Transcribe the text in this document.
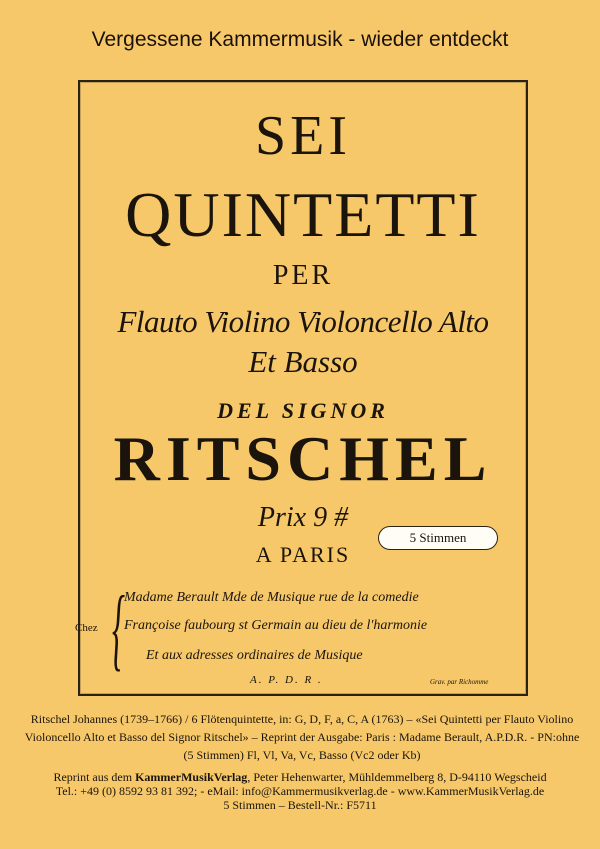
Vergessene Kammermusik - wieder entdeckt
SEI
QUINTETTI
PER
Flauto Violino Violoncello Alto
Et Basso
DEL SIGNOR
RITSCHEL
Prix 9 #
A PARIS
Chez { Madame Berault Mde de Musique rue de la comedie
Françoise faubourg st Germain au dieu de l'harmonie
Et aux adresses ordinaires de Musique
A. P. D. R .	Grav. par Richomme
5 Stimmen
Ritschel Johannes (1739–1766) / 6 Flötenquintette, in: G, D, F, a, C, A (1763) – «Sei Quintetti per Flauto Violino Violoncello Alto et Basso del Signor Ritschel» – Reprint der Ausgabe: Paris : Madame Berault, A.P.D.R. - PN:ohne (5 Stimmen) Fl, Vl, Va, Vc, Basso (Vc2 oder Kb)
Reprint aus dem KammerMusikVerlag, Peter Hehenwarter, Mühldemmelberg 8, D-94110 Wegscheid
Tel.: +49 (0) 8592 93 81 392; - eMail: info@Kammermusikverlag.de - www.KammerMusikVerlag.de
5 Stimmen – Bestell-Nr.: F5711
